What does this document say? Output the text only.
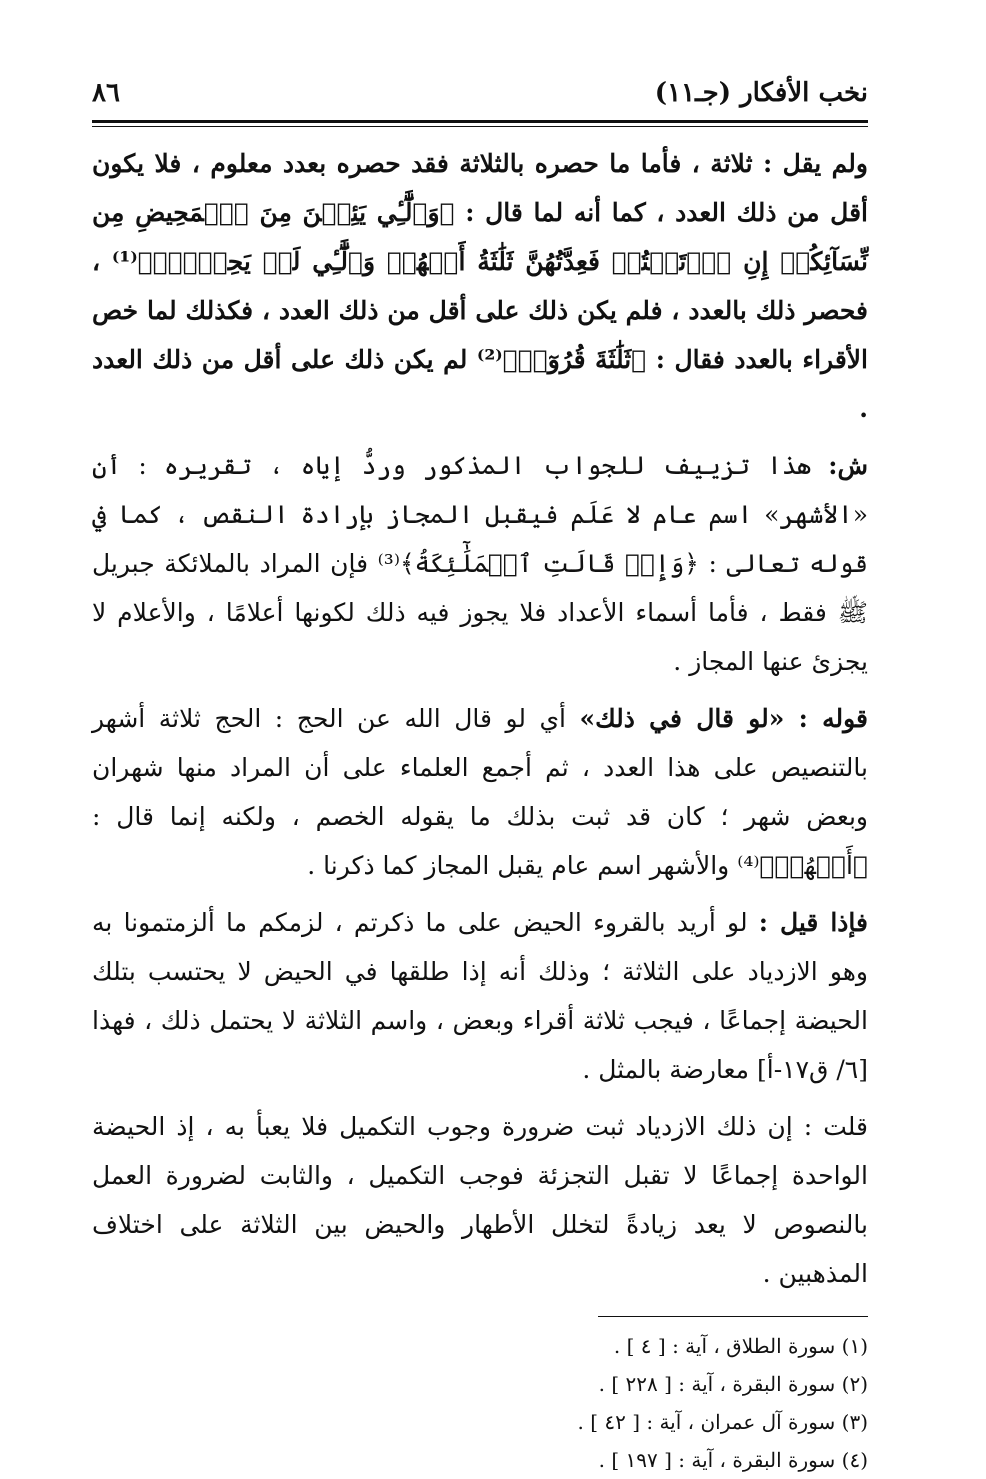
نخب الأفكار (جـ١١)
٨٦

ولم يقل : ثلاثة ، فأما ما حصره بالثلاثة فقد حصره بعدد معلوم ، فلا يكون أقل من ذلك العدد ، كما أنه لما قال : ﴿وَٱلَّٰٓـِٔي يَئِسۡنَ مِنَ ٱلۡمَحِيضِ مِن نِّسَآئِكُمۡ إِنِ ٱرۡتَبۡتُمۡ فَعِدَّتُهُنَّ ثَلَٰثَةُ أَشۡهُرٖ وَٱلَّٰٓـِٔي لَمۡ يَحِضۡنَۚ﴾⁽¹⁾ ، فحصر ذلك بالعدد ، فلم يكن ذلك على أقل من ذلك العدد ، فكذلك لما خص الأقراء بالعدد فقال : ﴿ثَلَٰثَةَ قُرُوٓءٖ﴾⁽²⁾ لم يكن ذلك على أقل من ذلك العدد .

ش: هذا تزييف للجواب المذكور وردُّ إياه ، تقريره : أن «الأشهر» اسم عام لا عَلَم فيقبل المجاز بإرادة النقص ، كما في قوله تعالى : ﴿وَإِذۡ قَالَتِ ٱلۡمَلَٰٓئِكَةُ﴾⁽³⁾ فإن المراد بالملائكة جبريل ﷺ فقط ، فأما أسماء الأعداد فلا يجوز فيه ذلك لكونها أعلامًا ، والأعلام لا يجزئ عنها المجاز .

قوله : «لو قال في ذلك» أي لو قال الله عن الحج : الحج ثلاثة أشهر بالتنصيص على هذا العدد ، ثم أجمع العلماء على أن المراد منها شهران وبعض شهر ؛ كان قد ثبت بذلك ما يقوله الخصم ، ولكنه إنما قال : ﴿أَشۡهُرٞ﴾⁽⁴⁾ والأشهر اسم عام يقبل المجاز كما ذكرنا .

فإذا قيل : لو أريد بالقروء الحيض على ما ذكرتم ، لزمكم ما ألزمتمونا به وهو الازدياد على الثلاثة ؛ وذلك أنه إذا طلقها في الحيض لا يحتسب بتلك الحيضة إجماعًا ، فيجب ثلاثة أقراء وبعض ، واسم الثلاثة لا يحتمل ذلك ، فهذا [٦/ ق١٧-أ] معارضة بالمثل .

قلت : إن ذلك الازدياد ثبت ضرورة وجوب التكميل فلا يعبأ به ، إذ الحيضة الواحدة إجماعًا لا تقبل التجزئة فوجب التكميل ، والثابت لضرورة العمل بالنصوص لا يعد زيادةً لتخلل الأطهار والحيض بين الثلاثة على اختلاف المذهبين .

(١) سورة الطلاق ، آية : [ ٤ ] .

(٢) سورة البقرة ، آية : [ ٢٢٨ ] .

(٣) سورة آل عمران ، آية : [ ٤٢ ] .

(٤) سورة البقرة ، آية : [ ١٩٧ ] .
